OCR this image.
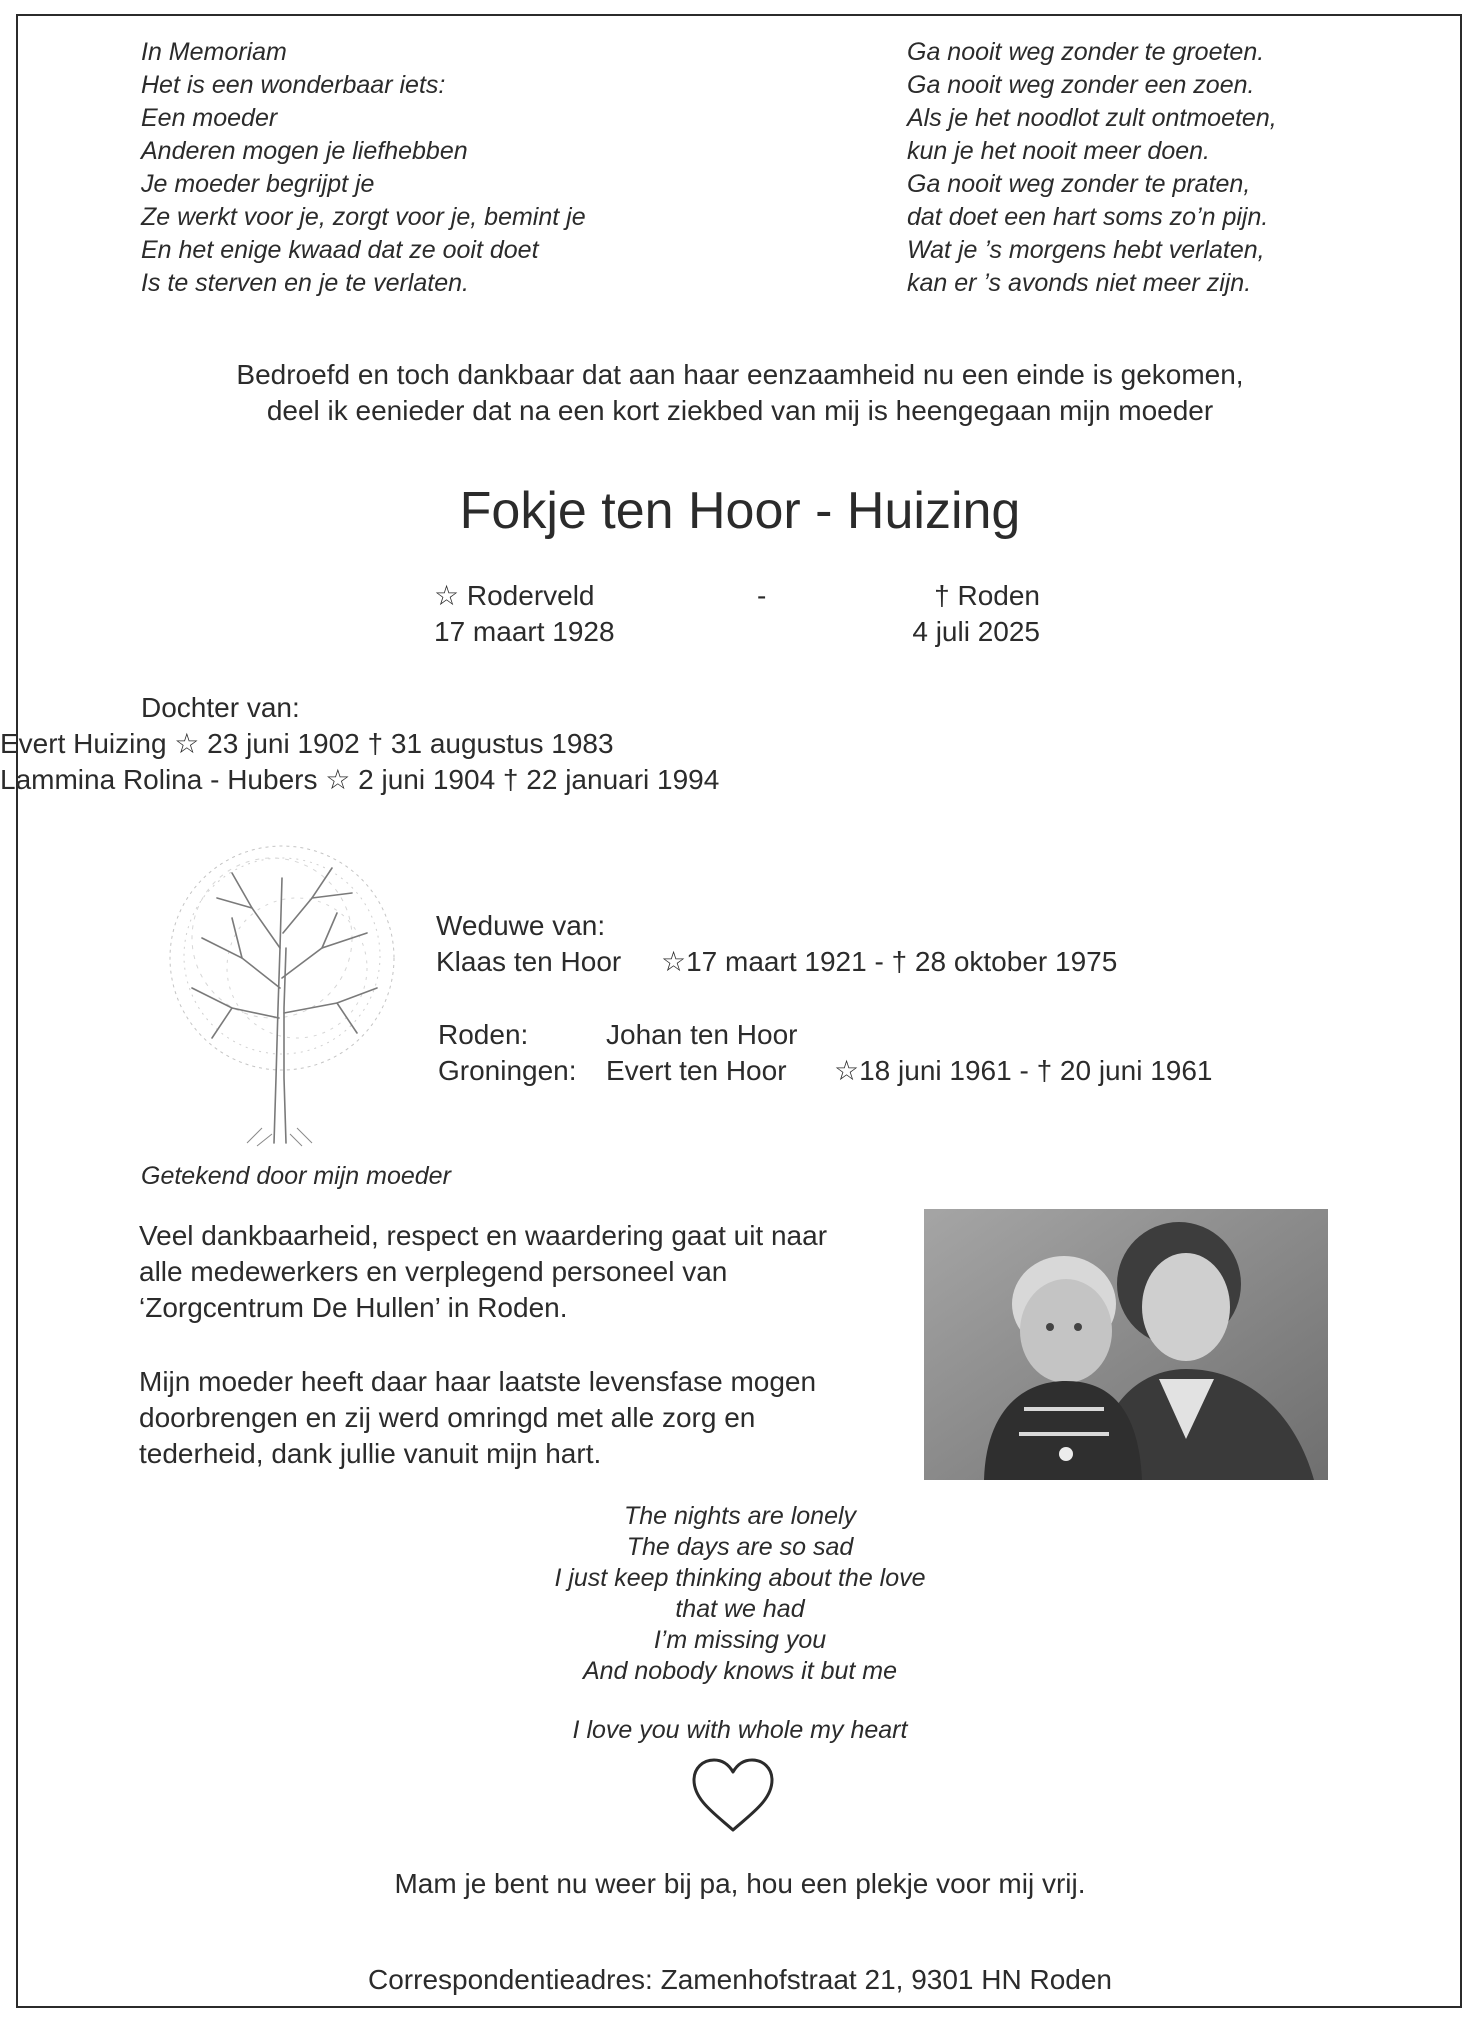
In Memoriam
Het is een wonderbaar iets:
Een moeder
Anderen mogen je liefhebben
Je moeder begrijpt je
Ze werkt voor je, zorgt voor je, bemint je
En het enige kwaad dat ze ooit doet
Is te sterven en je te verlaten.
Ga nooit weg zonder te groeten.
Ga nooit weg zonder een zoen.
Als je het noodlot zult ontmoeten,
kun je het nooit meer doen.
Ga nooit weg zonder te praten,
dat doet een hart soms zo’n pijn.
Wat je ’s morgens hebt verlaten,
kan er ’s avonds niet meer zijn.
Bedroefd en toch dankbaar dat aan haar eenzaamheid nu een einde is gekomen,
deel ik eenieder dat na een kort ziekbed van mij is heengegaan mijn moeder
Fokje ten Hoor - Huizing
☆ Roderveld
17 maart 1928
-	† Roden
4 juli 2025
Dochter van:
Evert Huizing ☆ 23 juni 1902 † 31 augustus 1983
Lammina Rolina - Hubers ☆ 2 juni 1904 † 22 januari 1994
Getekend door mijn moeder
Weduwe van:
Klaas ten Hoor ☆17 maart 1921 - † 28 oktober 1975
Roden:	Johan ten Hoor
Groningen: Evert ten Hoor ☆18 juni 1961 - † 20 juni 1961
Veel dankbaarheid, respect en waardering gaat uit naar
alle medewerkers en verplegend personeel van
‘Zorgcentrum De Hullen’ in Roden.
Mijn moeder heeft daar haar laatste levensfase mogen
doorbrengen en zij werd omringd met alle zorg en
tederheid, dank jullie vanuit mijn hart.
The nights are lonely
The days are so sad
I just keep thinking about the love
that we had
I’m missing you
And nobody knows it but me
I love you with whole my heart
Mam je bent nu weer bij pa, hou een plekje voor mij vrij.
Correspondentieadres: Zamenhofstraat 21, 9301 HN Roden
